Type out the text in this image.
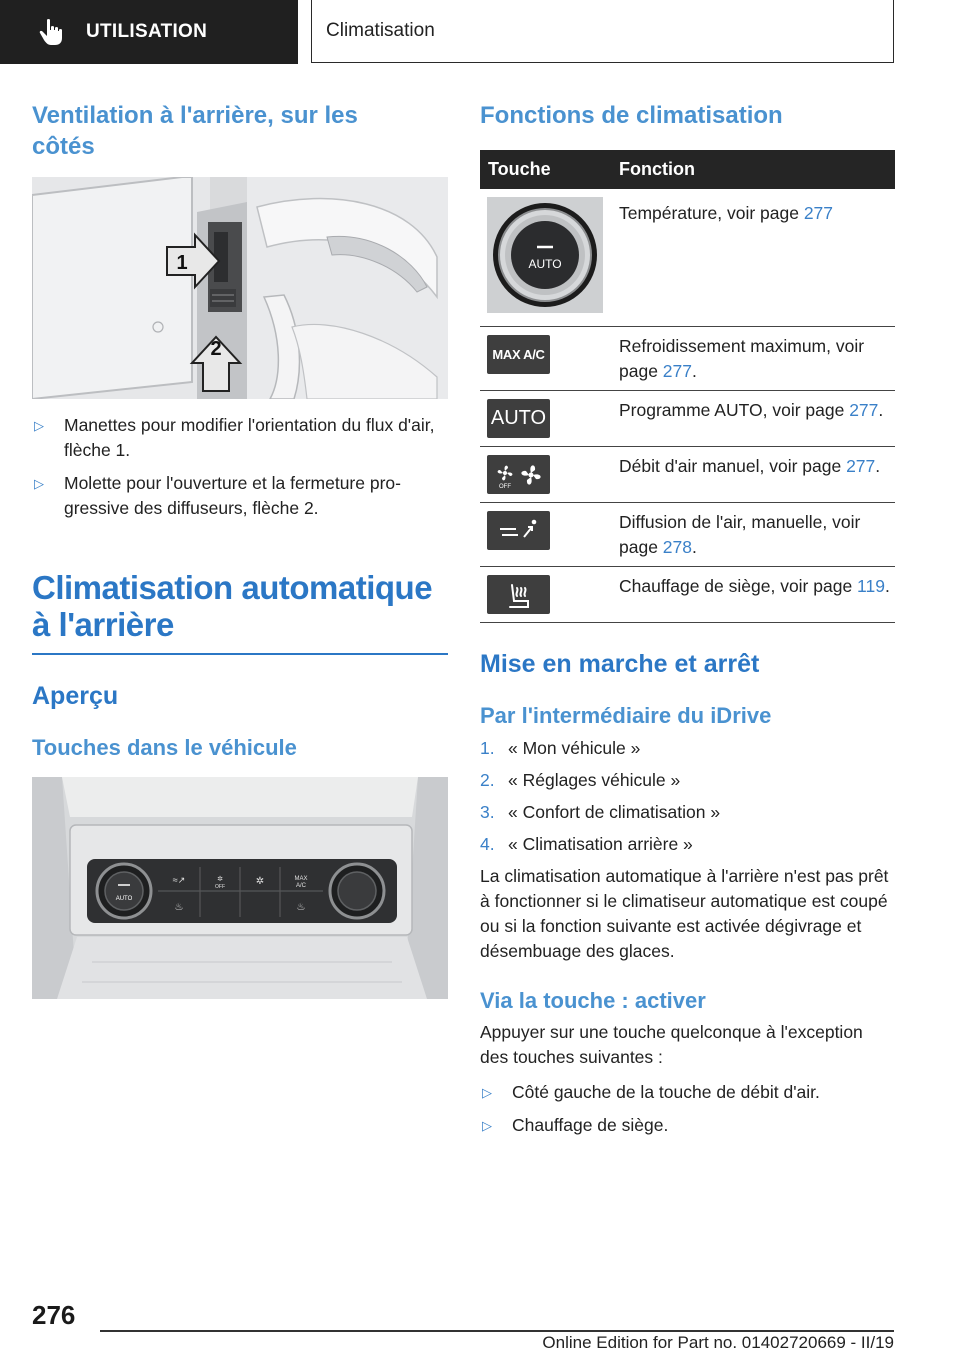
UTILISATION	Climatisation
Ventilation à l'arrière, sur les côtés
1
2
▷	Manettes pour modifier l'orientation du flux d'air, flèche 1.
▷	Molette pour l'ouverture et la fermeture progressive des diffuseurs, flèche 2.
Climatisation automatique à l'arrière
Aperçu
Touches dans le véhicule
AUTO
≈↗	✲
OFF	✲	MAX
A/C
♨	♨
Fonctions de climatisation
Touche	Fonction

AUTO	Température, voir page 277

MAX A/C	Refroidissement maximum, voir page 277.

AUTO	Programme AUTO, voir page 277.

OFF	Débit d'air manuel, voir page 277.

	Diffusion de l'air, manuelle, voir page 278.

	Chauffage de siège, voir page 119.
Mise en marche et arrêt
Par l'intermédiaire du iDrive
1. « Mon véhicule »
2. « Réglages véhicule »
3. « Confort de climatisation »
4. « Climatisation arrière »

La climatisation automatique à l'arrière n'est pas prêt à fonctionner si le climatiseur automatique est coupé ou si la fonction suivante est activée dégivrage et désembuage des glaces.

Via la touche : activer

Appuyer sur une touche quelconque à l'exception des touches suivantes :

▷	Côté gauche de la touche de débit d'air.
▷	Chauffage de siège.
276
Online Edition for Part no. 01402720669 - II/19
